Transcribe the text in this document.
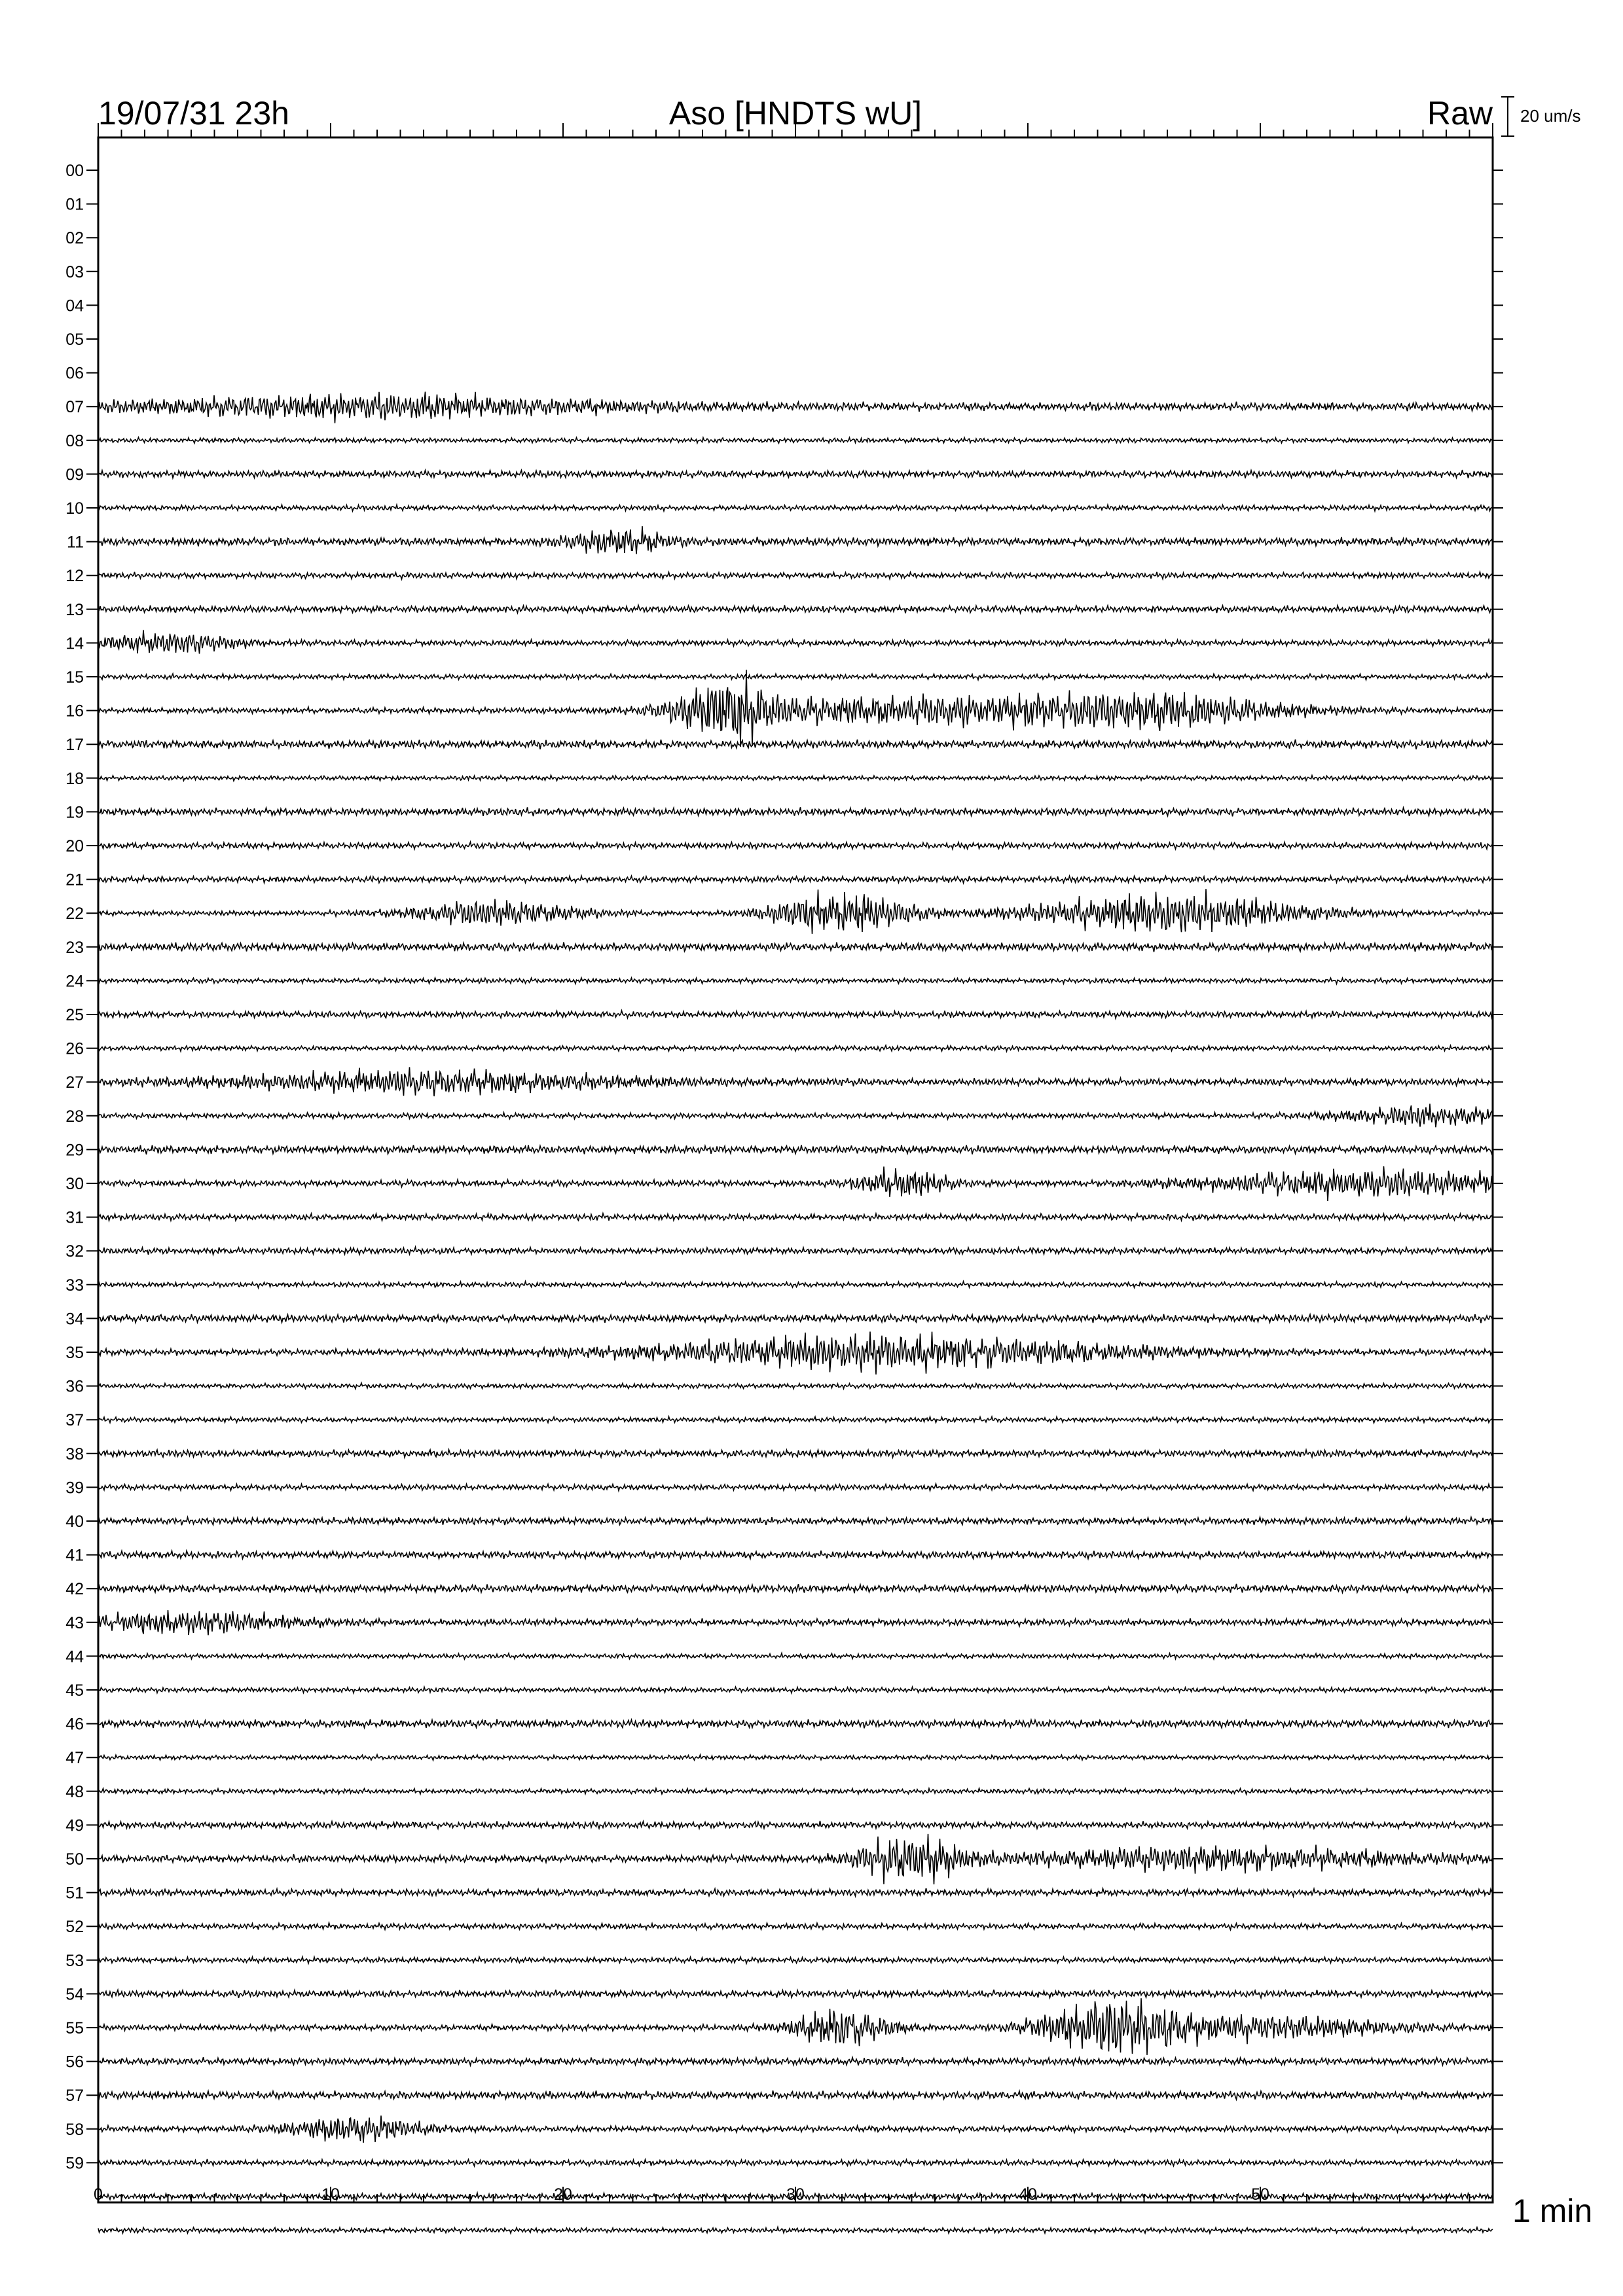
19/07/31 23h	Aso [HNDTS wU]	Raw 20 um/s
1 min
00
01
02
03
04
05
06
07
08
09
10
11
12
13
14
15
16
17
18
19
20
21
22
23
24
25
26
27
28
29
30
31
32
33
34
35
36
37
38
39
40
41
42
43
44
45
46
47
48
49
50
51
52
53
54
55
56
57
58
59
0	10	20	30	40	50
